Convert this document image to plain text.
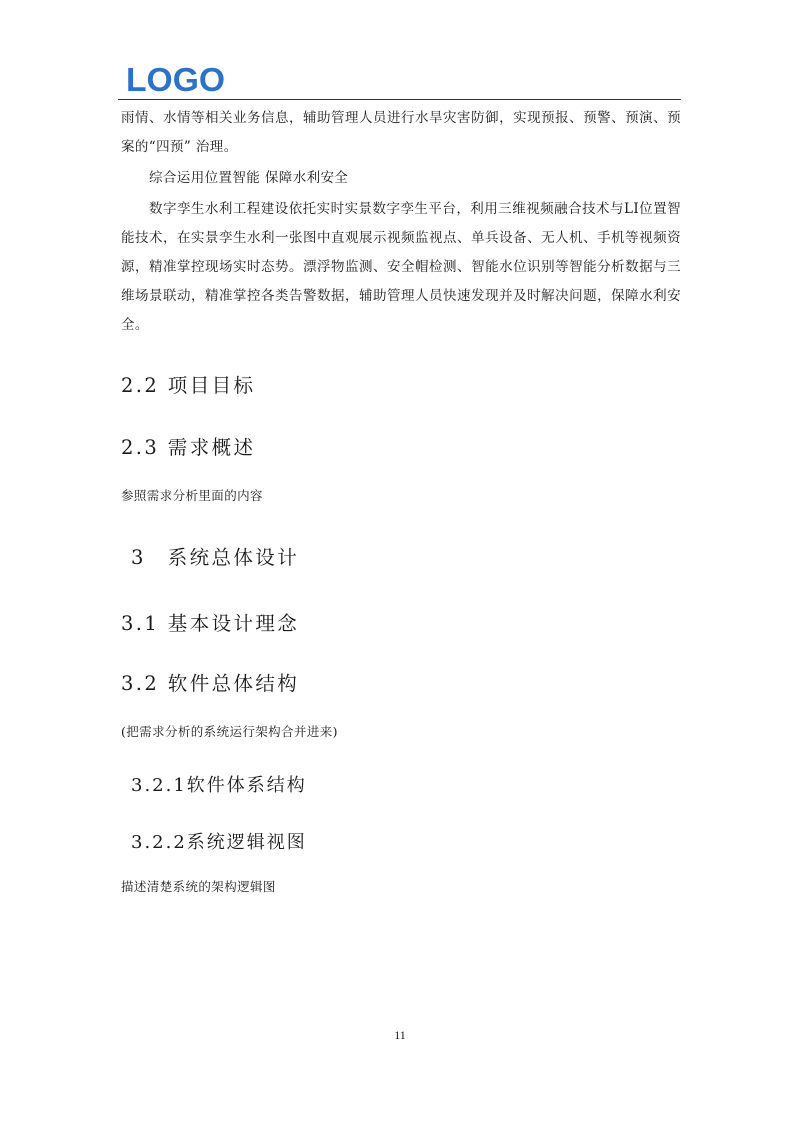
LOGO

雨情、水情等相关业务信息，辅助管理人员进行水旱灾害防御，实现预报、预警、预演、预案的“四预” 治理。

综合运用位置智能 保障水利安全

数字孪生水利工程建设依托实时实景数字孪生平台，利用三维视频融合技术与LI位置智能技术，在实景孪生水利一张图中直观展示视频监视点、单兵设备、无人机、手机等视频资源，精准掌控现场实时态势。漂浮物监测、安全帽检测、智能水位识别等智能分析数据与三维场景联动，精准掌控各类告警数据，辅助管理人员快速发现并及时解决问题，保障水利安全。

2.2 项目目标
2.3 需求概述

参照需求分析里面的内容

3　系统总体设计
3.1 基本设计理念
3.2 软件总体结构

(把需求分析的系统运行架构合并进来)

3.2.1软件体系结构
3.2.2系统逻辑视图

描述清楚系统的架构逻辑图

11
